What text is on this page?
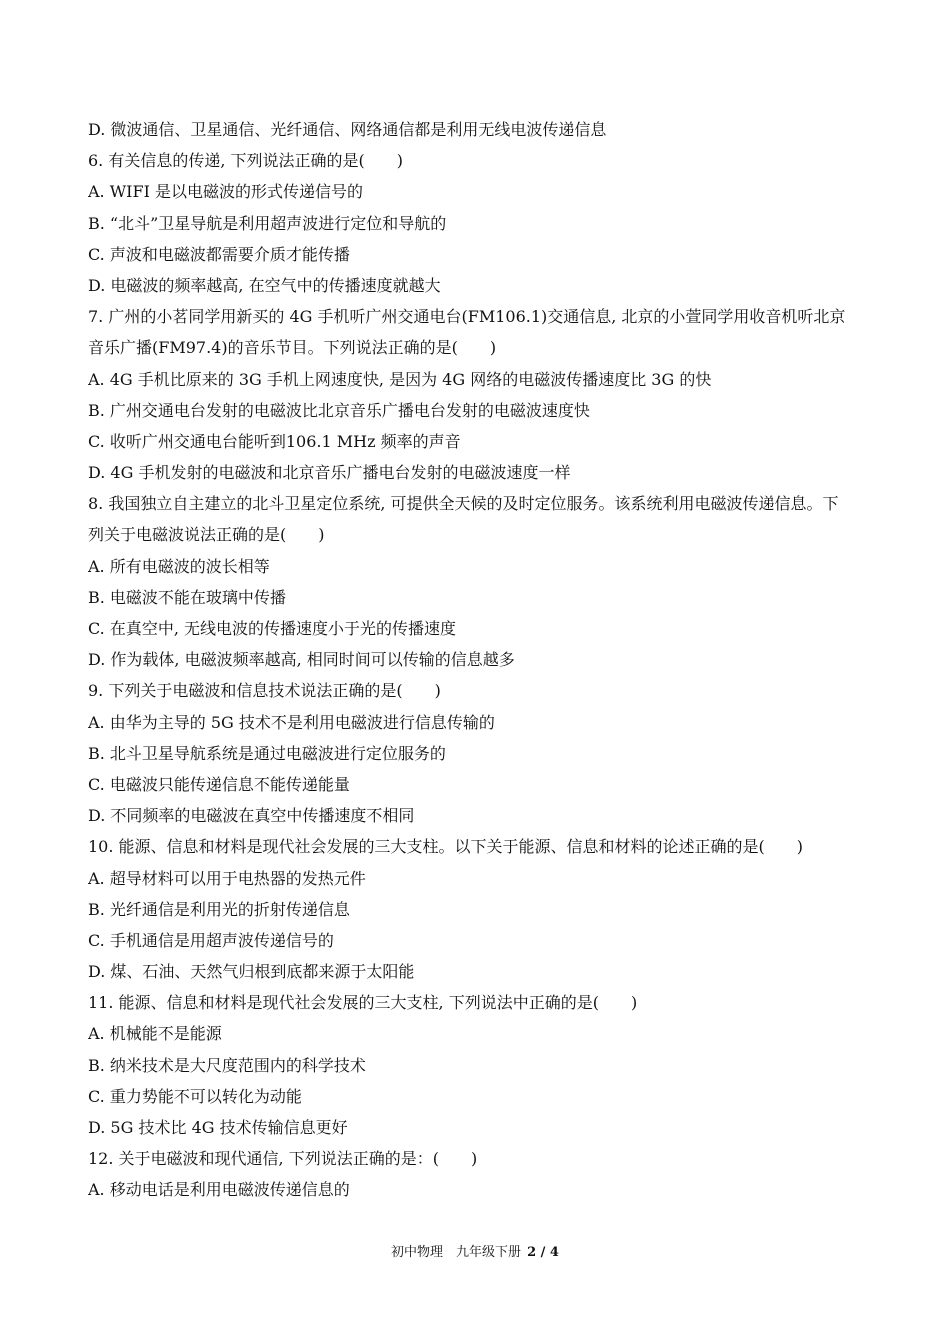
D. 微波通信、卫星通信、光纤通信、网络通信都是利用无线电波传递信息
6. 有关信息的传递, 下列说法正确的是(　　)
A. WIFI 是以电磁波的形式传递信号的
B. “北斗”卫星导航是利用超声波进行定位和导航的
C. 声波和电磁波都需要介质才能传播
D. 电磁波的频率越高, 在空气中的传播速度就越大
7. 广州的小茗同学用新买的 4G 手机听广州交通电台(FM106.1)交通信息, 北京的小萱同学用收音机听北京
音乐广播(FM97.4)的音乐节目。下列说法正确的是(　　)
A. 4G 手机比原来的 3G 手机上网速度快, 是因为 4G 网络的电磁波传播速度比 3G 的快
B. 广州交通电台发射的电磁波比北京音乐广播电台发射的电磁波速度快
C. 收听广州交通电台能听到106.1 MHz 频率的声音
D. 4G 手机发射的电磁波和北京音乐广播电台发射的电磁波速度一样
8. 我国独立自主建立的北斗卫星定位系统, 可提供全天候的及时定位服务。该系统利用电磁波传递信息。下
列关于电磁波说法正确的是(　　)
A. 所有电磁波的波长相等
B. 电磁波不能在玻璃中传播
C. 在真空中, 无线电波的传播速度小于光的传播速度
D. 作为载体, 电磁波频率越高, 相同时间可以传输的信息越多
9. 下列关于电磁波和信息技术说法正确的是(　　)
A. 由华为主导的 5G 技术不是利用电磁波进行信息传输的
B. 北斗卫星导航系统是通过电磁波进行定位服务的
C. 电磁波只能传递信息不能传递能量
D. 不同频率的电磁波在真空中传播速度不相同
10. 能源、信息和材料是现代社会发展的三大支柱。以下关于能源、信息和材料的论述正确的是(　　)
A. 超导材料可以用于电热器的发热元件
B. 光纤通信是利用光的折射传递信息
C. 手机通信是用超声波传递信号的
D. 煤、石油、天然气归根到底都来源于太阳能
11. 能源、信息和材料是现代社会发展的三大支柱, 下列说法中正确的是(　　)
A. 机械能不是能源
B. 纳米技术是大尺度范围内的科学技术
C. 重力势能不可以转化为动能
D. 5G 技术比 4G 技术传输信息更好
12. 关于电磁波和现代通信, 下列说法正确的是：(　　)
A. 移动电话是利用电磁波传递信息的
初中物理　九年级下册 2 / 4
